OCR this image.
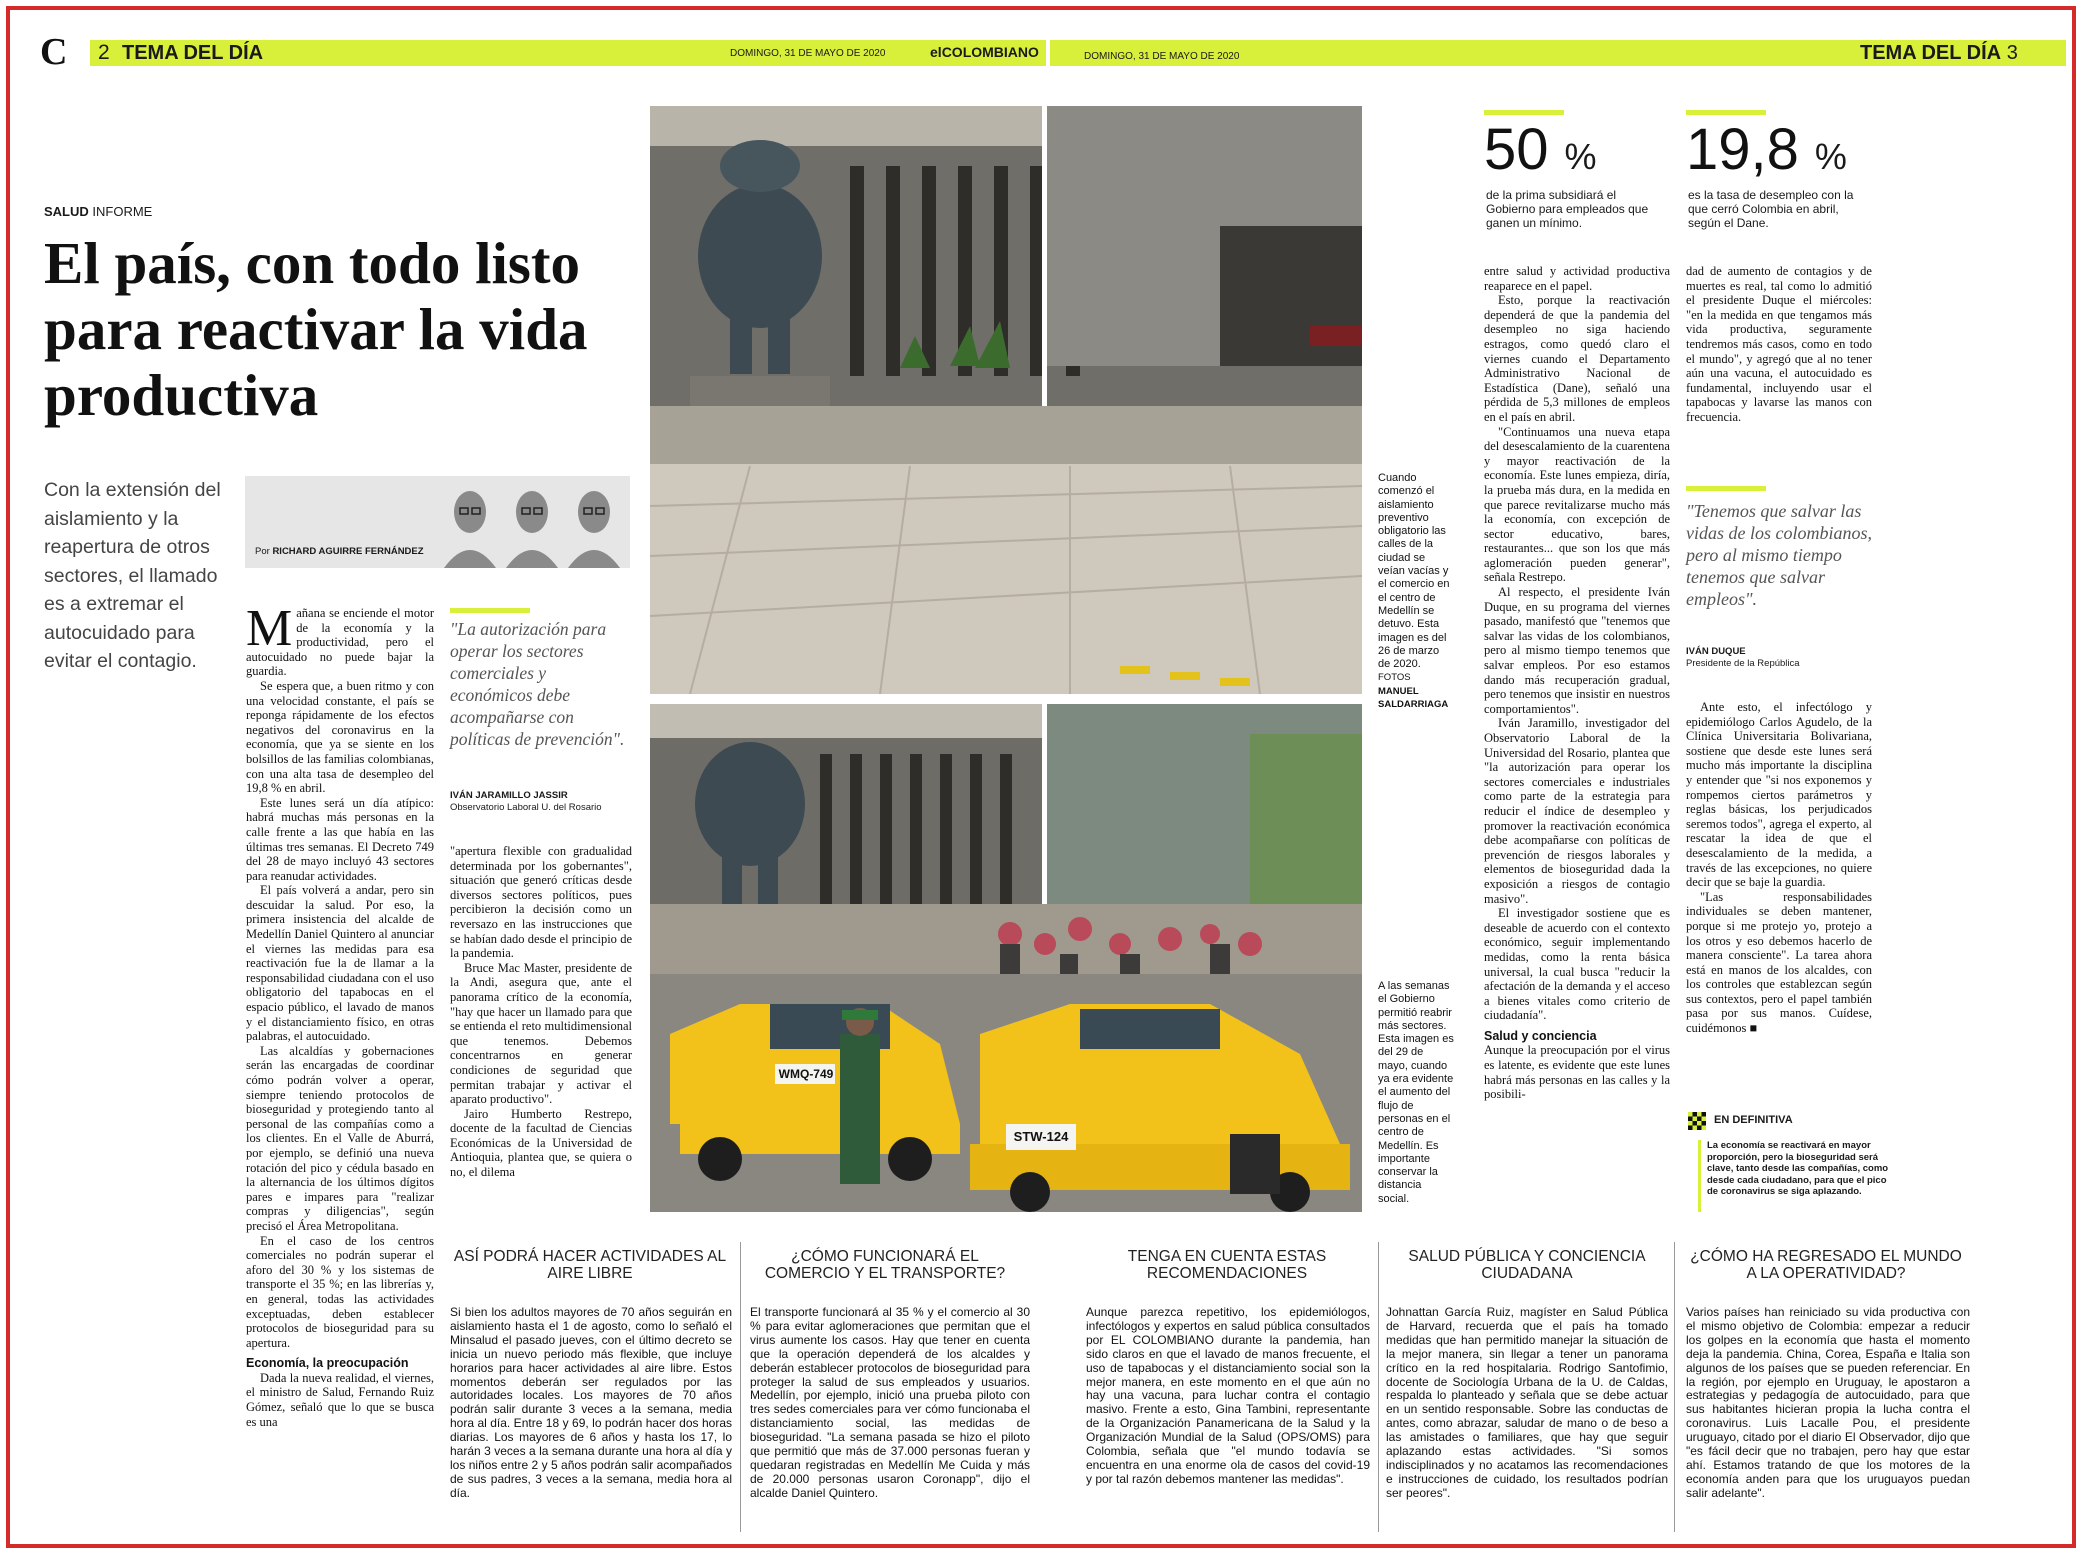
C	2 TEMA DEL DÍA	DOMINGO, 31 DE MAYO DE 2020	elCOLOMBIANO	DOMINGO, 31 DE MAYO DE 2020	TEMA DEL DÍA 3
SALUD INFORME
El país, con todo listo para reactivar la vida productiva
Con la extensión del aislamiento y la reapertura de otros sectores, el llamado es a extremar el autocuidado para evitar el contagio.
Por RICHARD AGUIRRE FERNÁNDEZ

Mañana se enciende el motor de la economía y la productividad, pero el autocuidado no puede bajar la guardia.

Se espera que, a buen ritmo y con una velocidad constante, el país se reponga rápidamente de los efectos negativos del coronavirus en la economía, que ya se siente en los bolsillos de las familias colombianas, con una alta tasa de desempleo del 19,8 % en abril.

Este lunes será un día atípico: habrá muchas más personas en la calle frente a las que había en las últimas tres semanas. El Decreto 749 del 28 de mayo incluyó 43 sectores para reanudar actividades.

El país volverá a andar, pero sin descuidar la salud. Por eso, la primera insistencia del alcalde de Medellín Daniel Quintero al anunciar el viernes las medidas para esa reactivación fue la de llamar a la responsabilidad ciudadana con el uso obligatorio del tapabocas en el espacio público, el lavado de manos y el distanciamiento físico, en otras palabras, el autocuidado.

Las alcaldías y gobernaciones serán las encargadas de coordinar cómo podrán volver a operar, siempre teniendo protocolos de bioseguridad y protegiendo tanto al personal de las compañías como a los clientes. En el Valle de Aburrá, por ejemplo, se definió una nueva rotación del pico y cédula basado en la alternancia de los últimos dígitos pares e impares para "realizar compras y diligencias", según precisó el Área Metropolitana.

En el caso de los centros comerciales no podrán superar el aforo del 30 % y los sistemas de transporte el 35 %; en las librerías y, en general, todas las actividades exceptuadas, deben establecer protocolos de bioseguridad para su apertura.

Economía, la preocupación

Dada la nueva realidad, el viernes, el ministro de Salud, Fernando Ruiz Gómez, señaló que lo que se busca es una

"La autorización para operar los sectores comerciales y económicos debe acompañarse con políticas de prevención".
IVÁN JARAMILLO JASSIR
Observatorio Laboral U. del Rosario

"apertura flexible con gradualidad determinada por los gobernantes", situación que generó críticas desde diversos sectores políticos, pues percibieron la decisión como un reversazo en las instrucciones que se habían dado desde el principio de la pandemia.

Bruce Mac Master, presidente de la Andi, asegura que, ante el panorama crítico de la economía, "hay que hacer un llamado para que se entienda el reto multidimensional que tenemos. Debemos concentrarnos en generar condiciones de seguridad que permitan trabajar y activar el aparato productivo".

Jairo Humberto Restrepo, docente de la facultad de Ciencias Económicas de la Universidad de Antioquia, plantea que, se quiera o no, el dilema

WMQ-749
STW-124
Cuando comenzó el aislamiento preventivo obligatorio las calles de la ciudad se veían vacías y el comercio en el centro de Medellín se detuvo. Esta imagen es del 26 de marzo de 2020. FOTOS MANUEL SALDARRIAGA
A las semanas el Gobierno permitió reabrir más sectores. Esta imagen es del 29 de mayo, cuando ya era evidente el aumento del flujo de personas en el centro de Medellín. Es importante conservar la distancia social.
50 %
de la prima subsidiará el Gobierno para empleados que ganen un mínimo.
19,8 %
es la tasa de desempleo con la que cerró Colombia en abril, según el Dane.

entre salud y actividad productiva reaparece en el papel.

Esto, porque la reactivación dependerá de que la pandemia del desempleo no siga haciendo estragos, como quedó claro el viernes cuando el Departamento Administrativo Nacional de Estadística (Dane), señaló una pérdida de 5,3 millones de empleos en el país en abril.

"Continuamos una nueva etapa del desescalamiento de la cuarentena y mayor reactivación de la economía. Este lunes empieza, diría, la prueba más dura, en la medida en que parece revitalizarse mucho más la economía, con excepción de sector educativo, bares, restaurantes... que son los que más aglomeración pueden generar", señala Restrepo.

Al respecto, el presidente Iván Duque, en su programa del viernes pasado, manifestó que "tenemos que salvar las vidas de los colombianos, pero al mismo tiempo tenemos que salvar empleos. Por eso estamos dando más recuperación gradual, pero tenemos que insistir en nuestros comportamientos".

Iván Jaramillo, investigador del Observatorio Laboral de la Universidad del Rosario, plantea que "la autorización para operar los sectores comerciales e industriales como parte de la estrategia para reducir el índice de desempleo y promover la reactivación económica debe acompañarse con políticas de prevención de riesgos laborales y elementos de bioseguridad dada la exposición a riesgos de contagio masivo".

El investigador sostiene que es deseable de acuerdo con el contexto económico, seguir implementando medidas, como la renta básica universal, la cual busca "reducir la afectación de la demanda y el acceso a bienes vitales como criterio de ciudadanía".

Salud y conciencia

Aunque la preocupación por el virus es latente, es evidente que este lunes habrá más personas en las calles y la posibili-

dad de aumento de contagios y de muertes es real, tal como lo admitió el presidente Duque el miércoles: "en la medida en que tengamos más vida productiva, seguramente tendremos más casos, como en todo el mundo", y agregó que al no tener aún una vacuna, el autocuidado es fundamental, incluyendo usar el tapabocas y lavarse las manos con frecuencia.

"Tenemos que salvar las vidas de los colombianos, pero al mismo tiempo tenemos que salvar empleos".
IVÁN DUQUE
Presidente de la República

Ante esto, el infectólogo y epidemiólogo Carlos Agudelo, de la Clínica Universitaria Bolivariana, sostiene que desde este lunes será mucho más importante la disciplina y entender que "si nos exponemos y rompemos ciertos parámetros y reglas básicas, los perjudicados seremos todos", agrega el experto, al rescatar la idea de que el desescalamiento de la medida, a través de las excepciones, no quiere decir que se baje la guardia.

"Las responsabilidades individuales se deben mantener, porque si me protejo yo, protejo a los otros y eso debemos hacerlo de manera consciente". La tarea ahora está en manos de los alcaldes, con los controles que establezcan según sus contextos, pero el papel también pasa por sus manos. Cuídese, cuidémonos ■

EN DEFINITIVA
La economía se reactivará en mayor proporción, pero la bioseguridad será clave, tanto desde las compañías, como desde cada ciudadano, para que el pico de coronavirus se siga aplazando.
ASÍ PODRÁ HACER ACTIVIDADES AL AIRE LIBRE
Si bien los adultos mayores de 70 años seguirán en aislamiento hasta el 1 de agosto, como lo señaló el Minsalud el pasado jueves, con el último decreto se inicia un nuevo periodo más flexible, que incluye horarios para hacer actividades al aire libre. Estos momentos deberán ser regulados por las autoridades locales. Los mayores de 70 años podrán salir durante 3 veces a la semana, media hora al día. Entre 18 y 69, lo podrán hacer dos horas diarias. Los mayores de 6 años y hasta los 17, lo harán 3 veces a la semana durante una hora al día y los niños entre 2 y 5 años podrán salir acompañados de sus padres, 3 veces a la semana, media hora al día.
¿CÓMO FUNCIONARÁ EL COMERCIO Y EL TRANSPORTE?
El transporte funcionará al 35 % y el comercio al 30 % para evitar aglomeraciones que permitan que el virus aumente los casos. Hay que tener en cuenta que la operación dependerá de los alcaldes y deberán establecer protocolos de bioseguridad para proteger la salud de sus empleados y usuarios. Medellín, por ejemplo, inició una prueba piloto con tres sedes comerciales para ver cómo funcionaba el distanciamiento social, las medidas de bioseguridad. "La semana pasada se hizo el piloto que permitió que más de 37.000 personas fueran y quedaran registradas en Medellín Me Cuida y más de 20.000 personas usaron Coronapp", dijo el alcalde Daniel Quintero.
TENGA EN CUENTA ESTAS RECOMENDACIONES
Aunque parezca repetitivo, los epidemiólogos, infectólogos y expertos en salud pública consultados por EL COLOMBIANO durante la pandemia, han sido claros en que el lavado de manos frecuente, el uso de tapabocas y el distanciamiento social son la mejor manera, en este momento en el que aún no hay una vacuna, para luchar contra el contagio masivo. Frente a esto, Gina Tambini, representante de la Organización Panamericana de la Salud y la Organización Mundial de la Salud (OPS/OMS) para Colombia, señala que "el mundo todavía se encuentra en una enorme ola de casos del covid-19 y por tal razón debemos mantener las medidas".
SALUD PÚBLICA Y CONCIENCIA CIUDADANA
Johnattan García Ruiz, magíster en Salud Pública de Harvard, recuerda que el país ha tomado medidas que han permitido manejar la situación de la mejor manera, sin llegar a tener un panorama crítico en la red hospitalaria. Rodrigo Santofimio, docente de Sociología Urbana de la U. de Caldas, respalda lo planteado y señala que se debe actuar en un sentido responsable. Sobre las conductas de antes, como abrazar, saludar de mano o de beso a las amistades o familiares, que hay que seguir aplazando estas actividades. "Si somos indisciplinados y no acatamos las recomendaciones e instrucciones de cuidado, los resultados podrían ser peores".
¿CÓMO HA REGRESADO EL MUNDO A LA OPERATIVIDAD?
Varios países han reiniciado su vida productiva con el mismo objetivo de Colombia: empezar a reducir los golpes en la economía que hasta el momento deja la pandemia. China, Corea, España e Italia son algunos de los países que se pueden referenciar. En la región, por ejemplo en Uruguay, le apostaron a estrategias y pedagogía de autocuidado, para que sus habitantes hicieran propia la lucha contra el coronavirus. Luis Lacalle Pou, el presidente uruguayo, citado por el diario El Observador, dijo que "es fácil decir que no trabajen, pero hay que estar ahí. Estamos tratando de que los motores de la economía anden para que los uruguayos puedan salir adelante".
